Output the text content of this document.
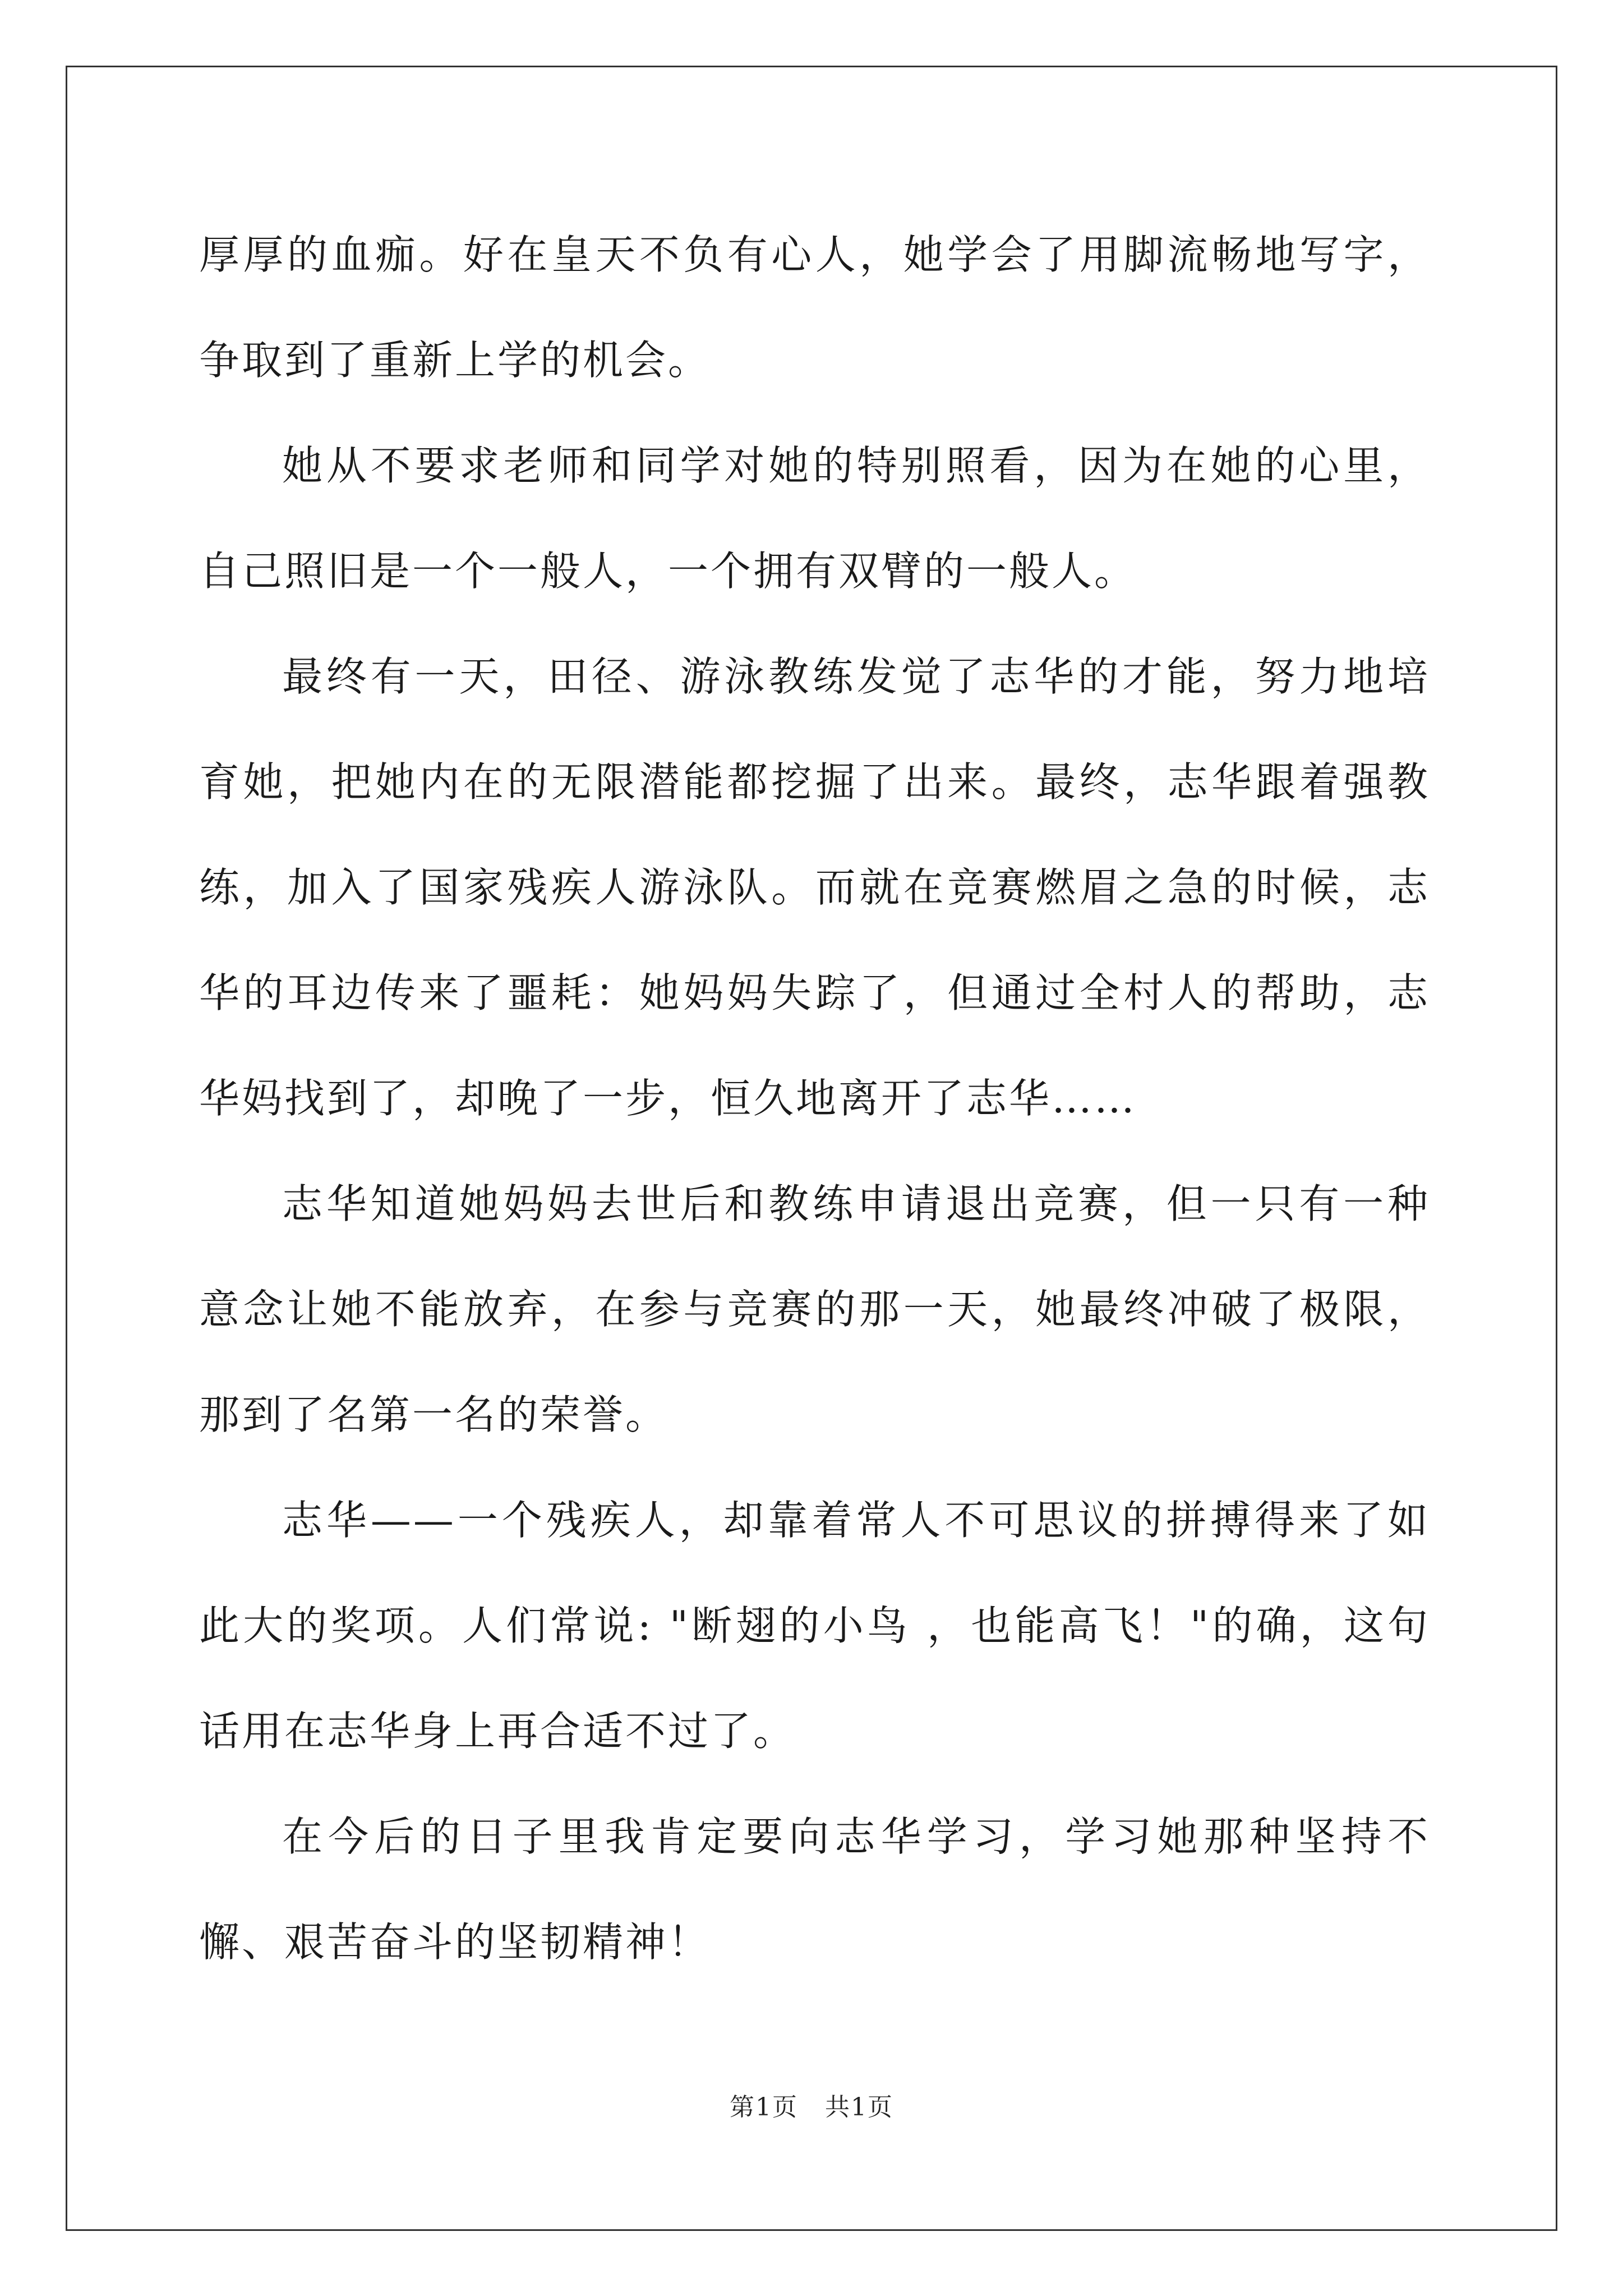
厚厚的血痂。好在皇天不负有心人，她学会了用脚流畅地写字，争取到了重新上学的机会。

她从不要求老师和同学对她的特别照看，因为在她的心里，自己照旧是一个一般人，一个拥有双臂的一般人。

最终有一天，田径、游泳教练发觉了志华的才能，努力地培育她，把她内在的无限潜能都挖掘了出来。最终，志华跟着强教练，加入了国家残疾人游泳队。而就在竞赛燃眉之急的时候，志华的耳边传来了噩耗：她妈妈失踪了，但通过全村人的帮助，志华妈找到了，却晚了一步，恒久地离开了志华……

志华知道她妈妈去世后和教练申请退出竞赛，但一只有一种意念让她不能放弃，在参与竞赛的那一天，她最终冲破了极限，那到了名第一名的荣誉。

志华——一个残疾人，却靠着常人不可思议的拼搏得来了如此大的奖项。人们常说: "断翅的小鸟 ，也能高飞！"的确，这句话用在志华身上再合适不过了。

在今后的日子里我肯定要向志华学习，学习她那种坚持不懈、艰苦奋斗的坚韧精神！

第1页 共1页
